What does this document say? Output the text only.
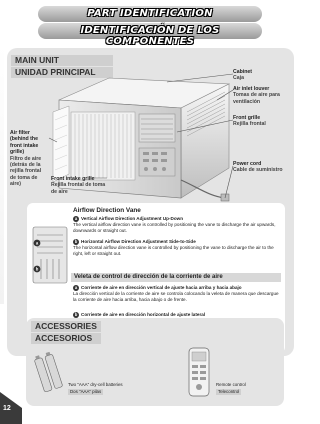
PART IDENTIFICATION
IDENTIFICACIÓN DE LOS COMPONENTES
MAIN UNIT
UNIDAD PRINCIPAL	Cabinet
Caja
Air inlet louver
Tomas de aire para ventilación
Front grille
Rejilla frontal
Power cord
Cable de suministro
Front intake grille
Rejilla frontal de toma de aire
Air filter (behind the front intake grille)
Filtro de aire (detrás de la rejilla frontal de toma de aire)
a
b
Airflow Direction Vane
a Vertical Airflow Direction Adjustment Up-Down
The vertical airflow direction vane is controlled by positioning the vane to discharge the air upwards, downwards or straight out.
b Horizontal Airflow Direction Adjustment Side-to-Side
The horizontal airflow direction vane is controlled by positioning the vane to discharge the air to the right, left or straight out.
Veleta de control de dirección de la corriente de aire
a Corriente de aire en dirección vertical de ajuste hacia arriba y hacia abajo
La dirección vertical de la corriente de aire se controla colocando la veleta de manera que descargue la corriente de aire hacia arriba, hacia abajo o de frente.
b Corriente de aire en dirección horizontal de ajuste lateral

ACCESSORIES
ACCESORIOS
Two "AAA" dry-cell batteries
Dos "AAA" pilas
Remote control
Telecontrol
12
